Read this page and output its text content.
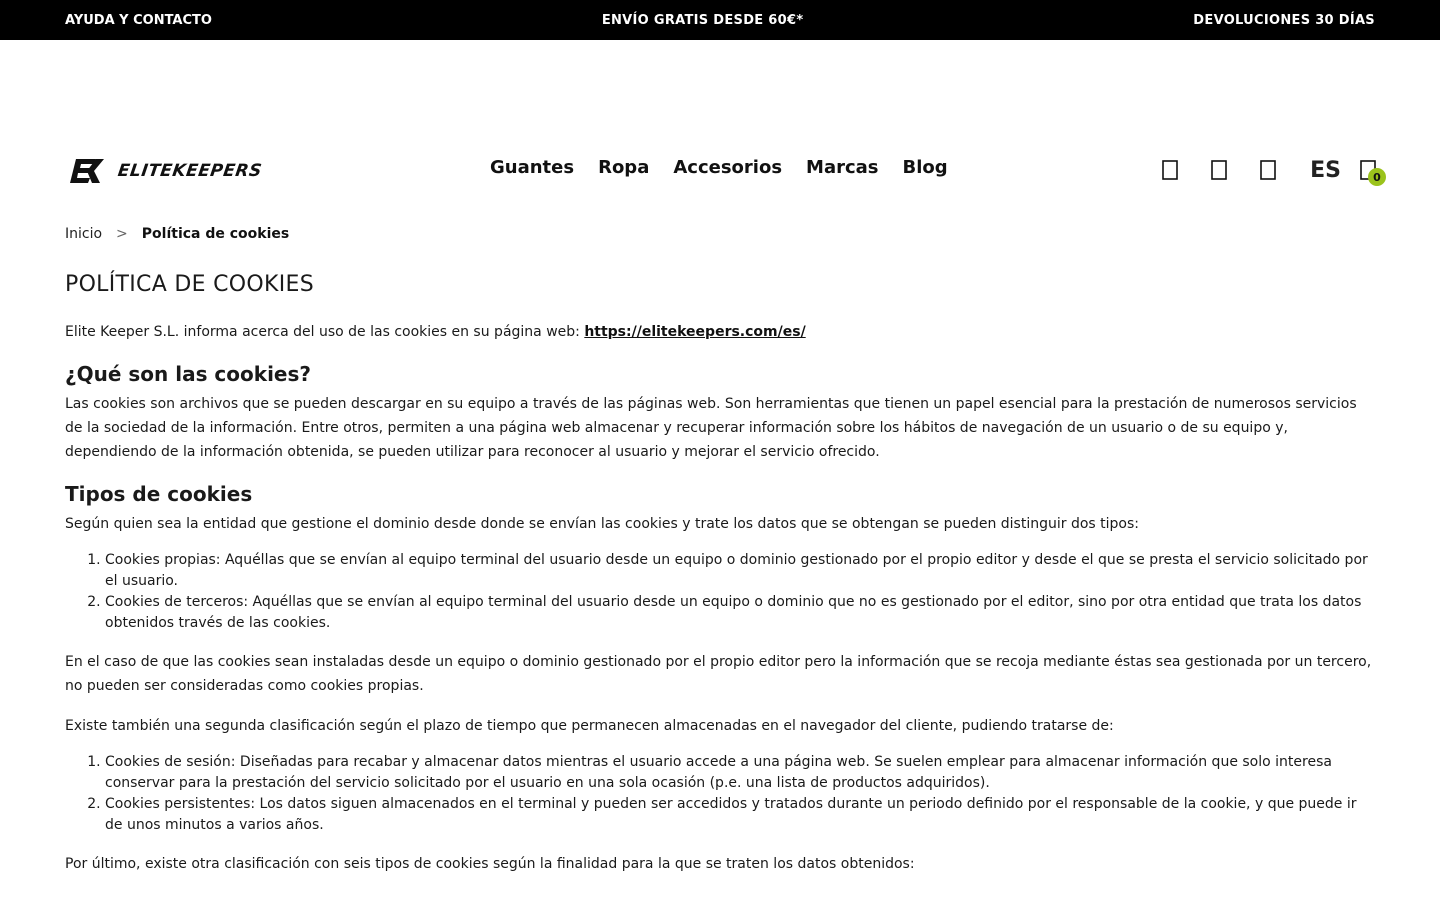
AYUDA Y CONTACTO	ENVÍO GRATIS DESDE 60€*	DEVOLUCIONES 30 DÍAS
ELITEKEEPERS	Guantes Ropa Accesorios Marcas Blog	ES	0
Inicio > Política de cookies
POLÍTICA DE COOKIES

Elite Keeper S.L. informa acerca del uso de las cookies en su página web: https://elitekeepers.com/es/

¿Qué son las cookies?

Las cookies son archivos que se pueden descargar en su equipo a través de las páginas web. Son herramientas que tienen un papel esencial para la prestación de numerosos servicios de la sociedad de la información. Entre otros, permiten a una página web almacenar y recuperar información sobre los hábitos de navegación de un usuario o de su equipo y, dependiendo de la información obtenida, se pueden utilizar para reconocer al usuario y mejorar el servicio ofrecido.

Tipos de cookies

Según quien sea la entidad que gestione el dominio desde donde se envían las cookies y trate los datos que se obtengan se pueden distinguir dos tipos:

1. Cookies propias: Aquéllas que se envían al equipo terminal del usuario desde un equipo o dominio gestionado por el propio editor y desde el que se presta el servicio solicitado por el usuario.
2. Cookies de terceros: Aquéllas que se envían al equipo terminal del usuario desde un equipo o dominio que no es gestionado por el editor, sino por otra entidad que trata los datos obtenidos través de las cookies.

En el caso de que las cookies sean instaladas desde un equipo o dominio gestionado por el propio editor pero la información que se recoja mediante éstas sea gestionada por un tercero, no pueden ser consideradas como cookies propias.

Existe también una segunda clasificación según el plazo de tiempo que permanecen almacenadas en el navegador del cliente, pudiendo tratarse de:

1. Cookies de sesión: Diseñadas para recabar y almacenar datos mientras el usuario accede a una página web. Se suelen emplear para almacenar información que solo interesa conservar para la prestación del servicio solicitado por el usuario en una sola ocasión (p.e. una lista de productos adquiridos).
2. Cookies persistentes: Los datos siguen almacenados en el terminal y pueden ser accedidos y tratados durante un periodo definido por el responsable de la cookie, y que puede ir de unos minutos a varios años.

Por último, existe otra clasificación con seis tipos de cookies según la finalidad para la que se traten los datos obtenidos:
